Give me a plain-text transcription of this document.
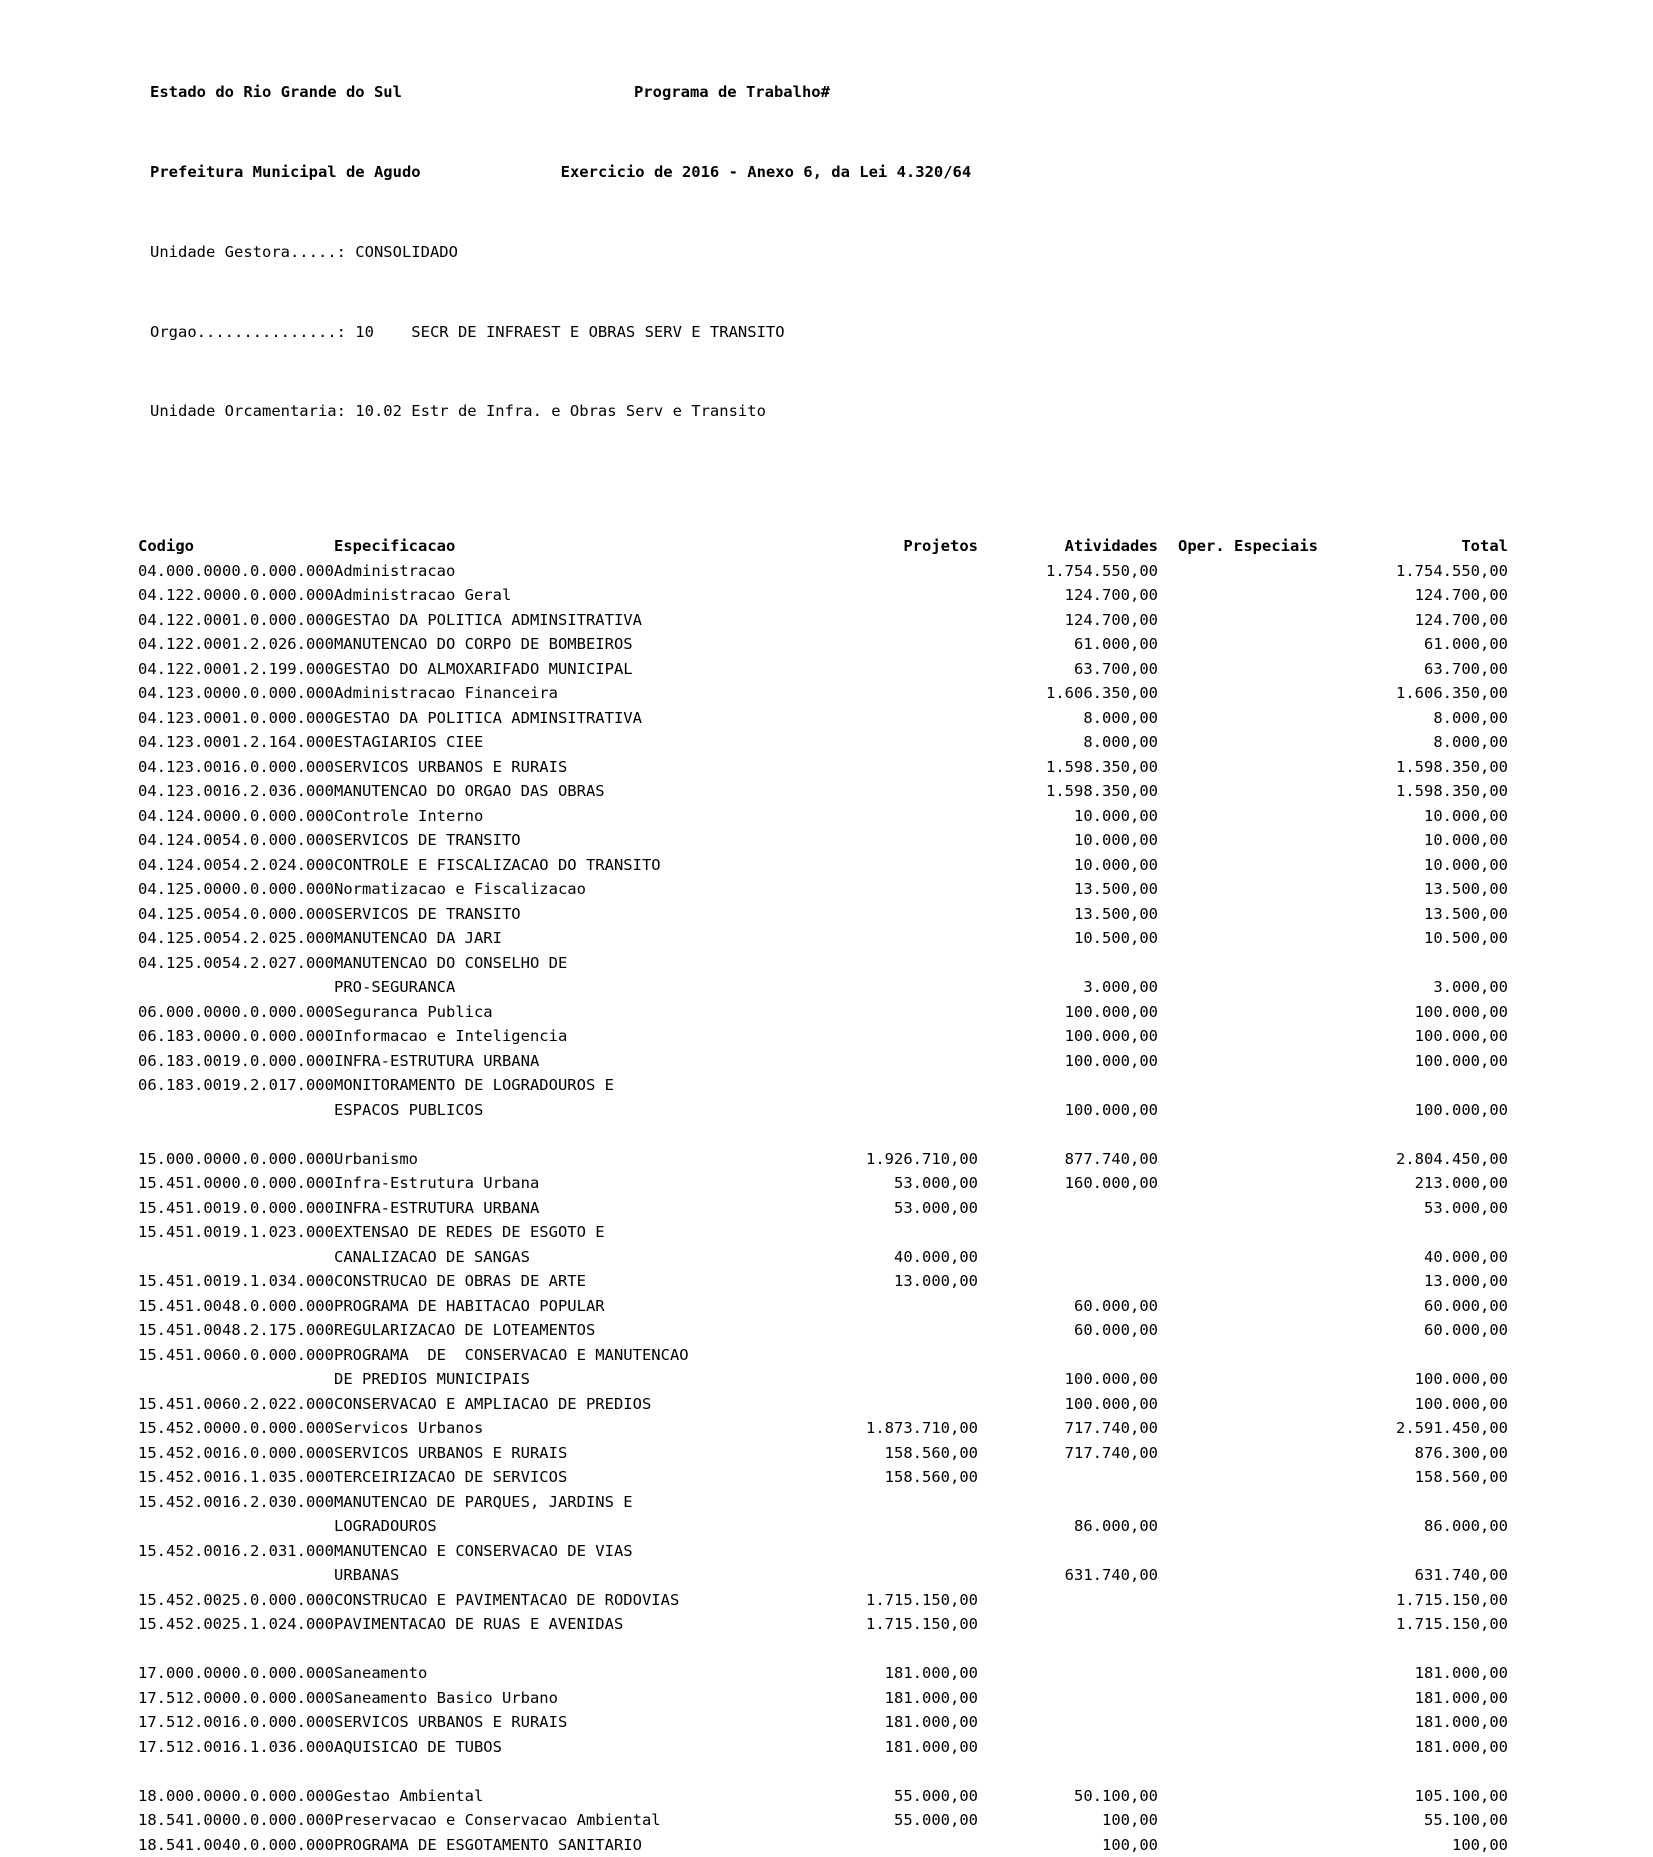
Estado do Rio Grande do Sul	Programa de Trabalho#

Prefeitura Municipal de Agudo	Exercicio de 2016 - Anexo 6, da Lei 4.320/64

Unidade Gestora.....: CONSOLIDADO

Orgao...............: 10    SECR DE INFRAEST E OBRAS SERV E TRANSITO

Unidade Orcamentaria: 10.02 Estr de Infra. e Obras Serv e Transito

Codigo	Especificacao	Projetos	Atividades	Oper. Especiais	Total
04.000.0000.0.000.000	Administracao		1.754.550,00		1.754.550,00
04.122.0000.0.000.000	Administracao Geral		124.700,00		124.700,00
04.122.0001.0.000.000	GESTAO DA POLITICA ADMINSITRATIVA		124.700,00		124.700,00
04.122.0001.2.026.000	MANUTENCAO DO CORPO DE BOMBEIROS		61.000,00		61.000,00
04.122.0001.2.199.000	GESTAO DO ALMOXARIFADO MUNICIPAL		63.700,00		63.700,00
04.123.0000.0.000.000	Administracao Financeira		1.606.350,00		1.606.350,00
04.123.0001.0.000.000	GESTAO DA POLITICA ADMINSITRATIVA		8.000,00		8.000,00
04.123.0001.2.164.000	ESTAGIARIOS CIEE		8.000,00		8.000,00
04.123.0016.0.000.000	SERVICOS URBANOS E RURAIS		1.598.350,00		1.598.350,00
04.123.0016.2.036.000	MANUTENCAO DO ORGAO DAS OBRAS		1.598.350,00		1.598.350,00
04.124.0000.0.000.000	Controle Interno		10.000,00		10.000,00
04.124.0054.0.000.000	SERVICOS DE TRANSITO		10.000,00		10.000,00
04.124.0054.2.024.000	CONTROLE E FISCALIZACAO DO TRANSITO		10.000,00		10.000,00
04.125.0000.0.000.000	Normatizacao e Fiscalizacao		13.500,00		13.500,00
04.125.0054.0.000.000	SERVICOS DE TRANSITO		13.500,00		13.500,00
04.125.0054.2.025.000	MANUTENCAO DA JARI		10.500,00		10.500,00
04.125.0054.2.027.000	MANUTENCAO DO CONSELHO DE				
	PRO-SEGURANCA		3.000,00		3.000,00
06.000.0000.0.000.000	Seguranca Publica		100.000,00		100.000,00
06.183.0000.0.000.000	Informacao e Inteligencia		100.000,00		100.000,00
06.183.0019.0.000.000	INFRA-ESTRUTURA URBANA		100.000,00		100.000,00
06.183.0019.2.017.000	MONITORAMENTO DE LOGRADOUROS E				
	ESPACOS PUBLICOS		100.000,00		100.000,00

15.000.0000.0.000.000	Urbanismo	1.926.710,00	877.740,00		2.804.450,00
15.451.0000.0.000.000	Infra-Estrutura Urbana	53.000,00	160.000,00		213.000,00
15.451.0019.0.000.000	INFRA-ESTRUTURA URBANA	53.000,00			53.000,00
15.451.0019.1.023.000	EXTENSAO DE REDES DE ESGOTO E				
	CANALIZACAO DE SANGAS	40.000,00			40.000,00
15.451.0019.1.034.000	CONSTRUCAO DE OBRAS DE ARTE	13.000,00			13.000,00
15.451.0048.0.000.000	PROGRAMA DE HABITACAO POPULAR		60.000,00		60.000,00
15.451.0048.2.175.000	REGULARIZACAO DE LOTEAMENTOS		60.000,00		60.000,00
15.451.0060.0.000.000	PROGRAMA  DE  CONSERVACAO E MANUTENCAO				
	DE PREDIOS MUNICIPAIS		100.000,00		100.000,00
15.451.0060.2.022.000	CONSERVACAO E AMPLIACAO DE PREDIOS		100.000,00		100.000,00
15.452.0000.0.000.000	Servicos Urbanos	1.873.710,00	717.740,00		2.591.450,00
15.452.0016.0.000.000	SERVICOS URBANOS E RURAIS	158.560,00	717.740,00		876.300,00
15.452.0016.1.035.000	TERCEIRIZACAO DE SERVICOS	158.560,00			158.560,00
15.452.0016.2.030.000	MANUTENCAO DE PARQUES, JARDINS E				
	LOGRADOUROS		86.000,00		86.000,00
15.452.0016.2.031.000	MANUTENCAO E CONSERVACAO DE VIAS				
	URBANAS		631.740,00		631.740,00
15.452.0025.0.000.000	CONSTRUCAO E PAVIMENTACAO DE RODOVIAS	1.715.150,00			1.715.150,00
15.452.0025.1.024.000	PAVIMENTACAO DE RUAS E AVENIDAS	1.715.150,00			1.715.150,00

17.000.0000.0.000.000	Saneamento	181.000,00			181.000,00
17.512.0000.0.000.000	Saneamento Basico Urbano	181.000,00			181.000,00
17.512.0016.0.000.000	SERVICOS URBANOS E RURAIS	181.000,00			181.000,00
17.512.0016.1.036.000	AQUISICAO DE TUBOS	181.000,00			181.000,00

18.000.0000.0.000.000	Gestao Ambiental	55.000,00	50.100,00		105.100,00
18.541.0000.0.000.000	Preservacao e Conservacao Ambiental	55.000,00	100,00		55.100,00
18.541.0040.0.000.000	PROGRAMA DE ESGOTAMENTO SANITARIO		100,00		100,00
